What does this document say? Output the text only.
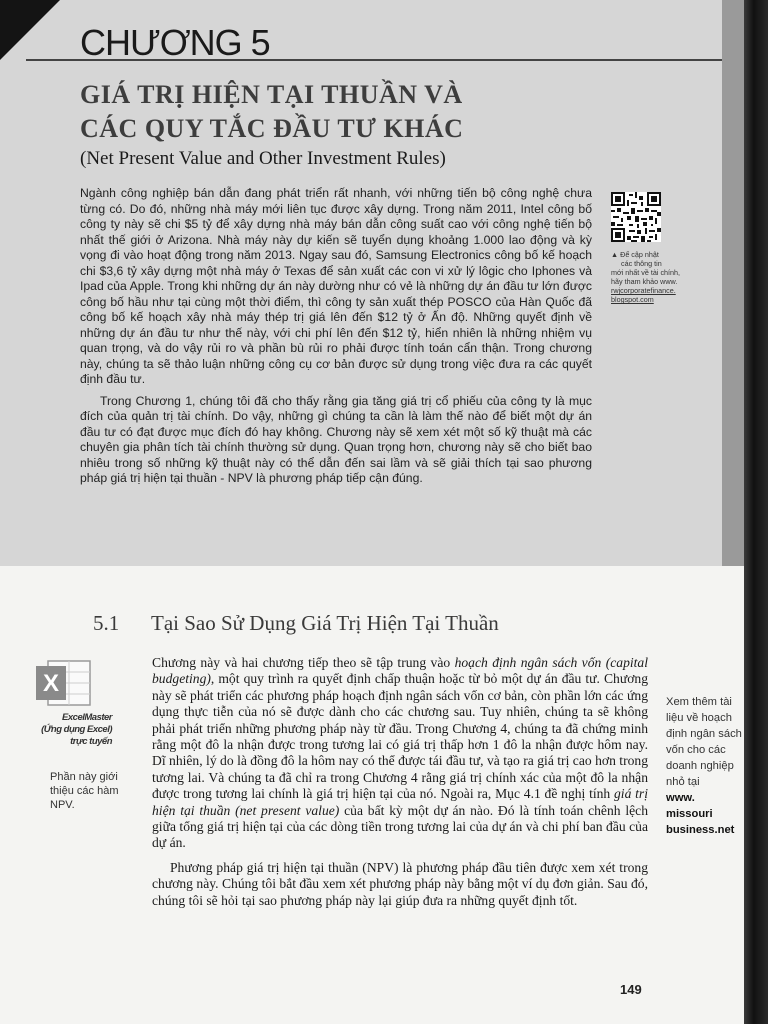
CHƯƠNG 5
GIÁ TRỊ HIỆN TẠI THUẦN VÀ
CÁC QUY TẮC ĐẦU TƯ KHÁC
(Net Present Value and Other Investment Rules)

Ngành công nghiệp bán dẫn đang phát triển rất nhanh, với những tiến bộ công nghệ chưa từng có. Do đó, những nhà máy mới liên tục được xây dựng. Trong năm 2011, Intel công bố công ty này sẽ chi $5 tỷ để xây dựng nhà máy bán dẫn công suất cao với công nghệ tiến bộ nhất thế giới ở Arizona. Nhà máy này dự kiến sẽ tuyển dụng khoảng 1.000 lao động và kỳ vọng đi vào hoạt động trong năm 2013. Ngay sau đó, Samsung Electronics công bố kế hoạch chi $3,6 tỷ xây dựng một nhà máy ở Texas để sản xuất các con vi xử lý lôgic cho Iphones và Ipad của Apple. Trong khi những dự án này dường như có vẻ là những dự án đầu tư lớn được công bố hầu như tại cùng một thời điểm, thì công ty sản xuất thép POSCO của Hàn Quốc đã công bố kế hoạch xây nhà máy thép trị giá lên đến $12 tỷ ở Ấn độ. Những quyết định về những dự án đầu tư như thế này, với chi phí lên đến $12 tỷ, hiển nhiên là những nhiệm vụ quan trọng, và do vậy rủi ro và phần bù rủi ro phải được tính toán cẩn thận. Trong chương này, chúng ta sẽ thảo luận những công cụ cơ bản được sử dụng trong việc đưa ra các quyết định đầu tư.

Trong Chương 1, chúng tôi đã cho thấy rằng gia tăng giá trị cổ phiếu của công ty là mục đích của quản trị tài chính. Do vậy, những gì chúng ta cần là làm thế nào để biết một dự án đầu tư có đạt được mục đích đó hay không. Chương này sẽ xem xét một số kỹ thuật mà các chuyên gia phân tích tài chính thường sử dụng. Quan trọng hơn, chương này sẽ cho biết bao nhiêu trong số những kỹ thuật này có thể dẫn đến sai lầm và sẽ giải thích tại sao phương pháp giá trị hiện tại thuần - NPV là phương pháp tiếp cận đúng.

▲ Để cập nhật
các thông tin
mới nhất về tài chính,
hãy tham khảo www.
rwjcorporatefinance.
blogspot.com
5.1 Tại Sao Sử Dụng Giá Trị Hiện Tại Thuần
X
ExcelMaster
(Ứng dụng Excel)
trực tuyến
Phần này giới thiệu các hàm NPV.

Chương này và hai chương tiếp theo sẽ tập trung vào hoạch định ngân sách vốn (capital budgeting), một quy trình ra quyết định chấp thuận hoặc từ bỏ một dự án đầu tư. Chương này sẽ phát triển các phương pháp hoạch định ngân sách vốn cơ bản, còn phần lớn các ứng dụng thực tiễn của nó sẽ được dành cho các chương sau. Tuy nhiên, chúng ta sẽ không phải phát triển những phương pháp này từ đầu. Trong Chương 4, chúng ta đã chứng minh rằng một đô la nhận được trong tương lai có giá trị thấp hơn 1 đô la nhận được hôm nay. Dĩ nhiên, lý do là đồng đô la hôm nay có thể được tái đầu tư, và tạo ra giá trị cao hơn trong tương lai. Và chúng ta đã chỉ ra trong Chương 4 rằng giá trị chính xác của một đô la nhận được trong tương lai chính là giá trị hiện tại của nó. Ngoài ra, Mục 4.1 đề nghị tính giá trị hiện tại thuần (net present value) của bất kỳ một dự án nào. Đó là tính toán chênh lệch giữa tổng giá trị hiện tại của các dòng tiền trong tương lai của dự án và chi phí ban đầu của dự án.

Phương pháp giá trị hiện tại thuần (NPV) là phương pháp đầu tiên được xem xét trong chương này. Chúng tôi bắt đầu xem xét phương pháp này bằng một ví dụ đơn giản. Sau đó, chúng tôi sẽ hỏi tại sao phương pháp này lại giúp đưa ra những quyết định tốt.

Xem thêm tài liệu về hoạch định ngân sách vốn cho các doanh nghiệp nhỏ tại
www.
missouri
business.net
149
